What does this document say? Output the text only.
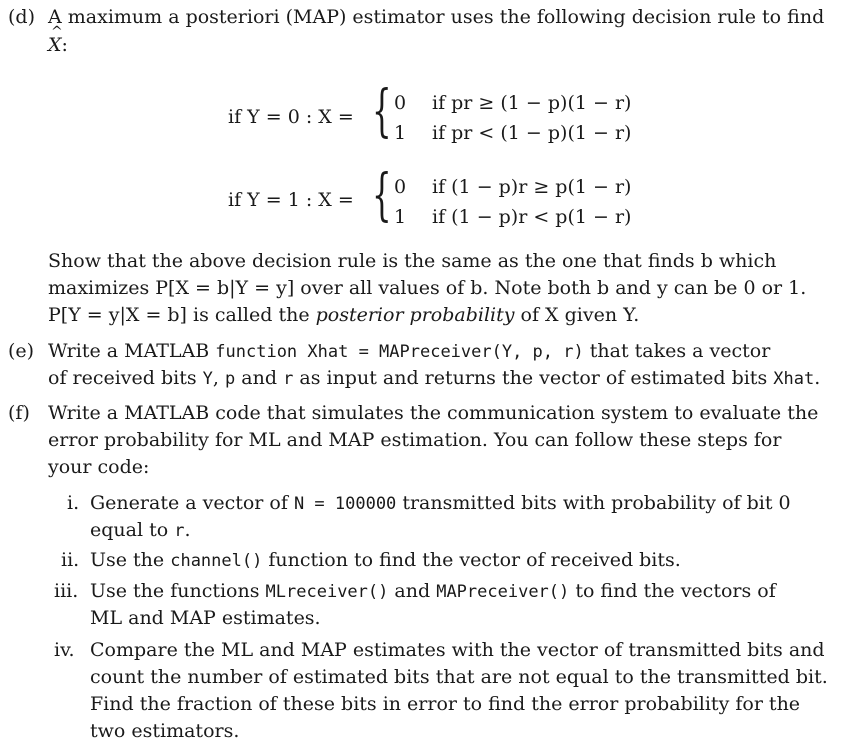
(d) A maximum a posteriori (MAP) estimator uses the following decision rule to find
^ X:
if Y = 0 : X = { 0 if pr ≥ (1 − p)(1 − r)
1 if pr < (1 − p)(1 − r)
if Y = 1 : X = { 0 if (1 − p)r ≥ p(1 − r)
1 if (1 − p)r < p(1 − r)
Show that the above decision rule is the same as the one that finds b which
maximizes P[X = b|Y = y] over all values of b. Note both b and y can be 0 or 1.
P[Y = y|X = b] is called the posterior probability of X given Y.
(e) Write a MATLAB function Xhat = MAPreceiver(Y, p, r) that takes a vector
of received bits Y, p and r as input and returns the vector of estimated bits Xhat.
(f) Write a MATLAB code that simulates the communication system to evaluate the
error probability for ML and MAP estimation. You can follow these steps for
your code:
i. Generate a vector of N = 100000 transmitted bits with probability of bit 0
equal to r.
ii. Use the channel() function to find the vector of received bits.
iii. Use the functions MLreceiver() and MAPreceiver() to find the vectors of
ML and MAP estimates.
iv. Compare the ML and MAP estimates with the vector of transmitted bits and
count the number of estimated bits that are not equal to the transmitted bit.
Find the fraction of these bits in error to find the error probability for the
two estimators.
